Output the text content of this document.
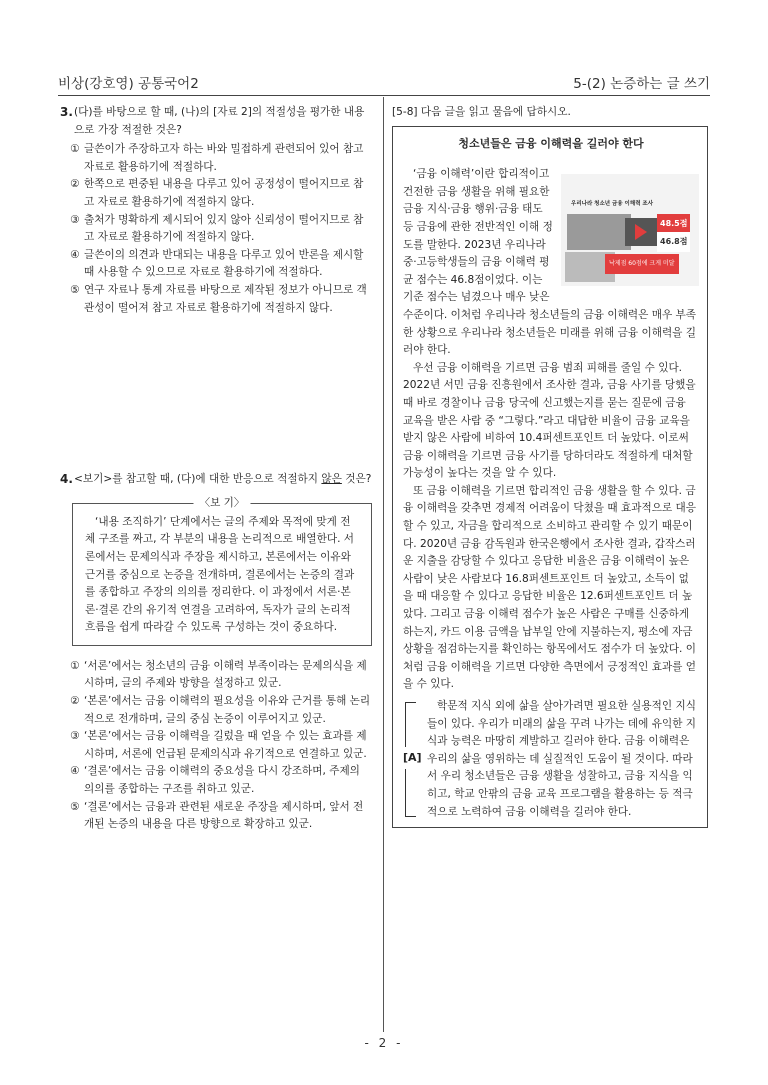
비상(강호영) 공통국어2	5-(2) 논증하는 글 쓰기
3. (다)를 바탕으로 할 때, (나)의 [자료 2]의 적절성을 평가한 내용으로 가장 적절한 것은?
① 글쓴이가 주장하고자 하는 바와 밀접하게 관련되어 있어 참고 자료로 활용하기에 적절하다.
② 한쪽으로 편중된 내용을 다루고 있어 공정성이 떨어지므로 참고 자료로 활용하기에 적절하지 않다.
③ 출처가 명확하게 제시되어 있지 않아 신뢰성이 떨어지므로 참고 자료로 활용하기에 적절하지 않다.
④ 글쓴이의 의견과 반대되는 내용을 다루고 있어 반론을 제시할 때 사용할 수 있으므로 자료로 활용하기에 적절하다.
⑤ 연구 자료나 통계 자료를 바탕으로 제작된 정보가 아니므로 객관성이 떨어져 참고 자료로 활용하기에 적절하지 않다.
4. <보기>를 참고할 때, (다)에 대한 반응으로 적절하지 않은 것은?
〈보 기〉

‘내용 조직하기’ 단계에서는 글의 주제와 목적에 맞게 전체 구조를 짜고, 각 부분의 내용을 논리적으로 배열한다. 서론에서는 문제의식과 주장을 제시하고, 본론에서는 이유와 근거를 중심으로 논증을 전개하며, 결론에서는 논증의 결과를 종합하고 주장의 의의를 정리한다. 이 과정에서 서론·본론·결론 간의 유기적 연결을 고려하여, 독자가 글의 논리적 흐름을 쉽게 따라갈 수 있도록 구성하는 것이 중요하다.

① ‘서론’에서는 청소년의 금융 이해력 부족이라는 문제의식을 제시하며, 글의 주제와 방향을 설정하고 있군.
② ‘본론’에서는 금융 이해력의 필요성을 이유와 근거를 통해 논리적으로 전개하며, 글의 중심 논증이 이루어지고 있군.
③ ‘본론’에서는 금융 이해력을 길렀을 때 얻을 수 있는 효과를 제시하며, 서론에 언급된 문제의식과 유기적으로 연결하고 있군.
④ ‘결론’에서는 금융 이해력의 중요성을 다시 강조하며, 주제의 의의를 종합하는 구조를 취하고 있군.
⑤ ‘결론’에서는 금융과 관련된 새로운 주장을 제시하며, 앞서 전개된 논증의 내용을 다른 방향으로 확장하고 있군.
[5-8] 다음 글을 읽고 물음에 답하시오.

청소년들은 금융 이해력을 길러야 한다

우리나라 청소년 금융 이해력 조사
48.5점
46.8점
낙제점 60점에 크게 미달

‘금융 이해력’이란 합리적이고 건전한 금융 생활을 위해 필요한 금융 지식·금융 행위·금융 태도 등 금융에 관한 전반적인 이해 정도를 말한다. 2023년 우리나라 중·고등학생들의 금융 이해력 평균 점수는 46.8점이었다. 이는 기준 점수는 넘겼으나 매우 낮은 수준이다. 이처럼 우리나라 청소년들의 금융 이해력은 매우 부족한 상황으로 우리나라 청소년들은 미래를 위해 금융 이해력을 길러야 한다.

우선 금융 이해력을 기르면 금융 범죄 피해를 줄일 수 있다. 2022년 서민 금융 진흥원에서 조사한 결과, 금융 사기를 당했을 때 바로 경찰이나 금융 당국에 신고했는지를 묻는 질문에 금융 교육을 받은 사람 중 “그렇다.”라고 대답한 비율이 금융 교육을 받지 않은 사람에 비하여 10.4퍼센트포인트 더 높았다. 이로써 금융 이해력을 기르면 금융 사기를 당하더라도 적절하게 대처할 가능성이 높다는 것을 알 수 있다.

또 금융 이해력을 기르면 합리적인 금융 생활을 할 수 있다. 금융 이해력을 갖추면 경제적 어려움이 닥쳤을 때 효과적으로 대응할 수 있고, 자금을 합리적으로 소비하고 관리할 수 있기 때문이다. 2020년 금융 감독원과 한국은행에서 조사한 결과, 갑작스러운 지출을 감당할 수 있다고 응답한 비율은 금융 이해력이 높은 사람이 낮은 사람보다 16.8퍼센트포인트 더 높았고, 소득이 없을 때 대응할 수 있다고 응답한 비율은 12.6퍼센트포인트 더 높았다. 그리고 금융 이해력 점수가 높은 사람은 구매를 신중하게 하는지, 카드 이용 금액을 납부일 안에 지불하는지, 평소에 자금 상황을 점검하는지를 확인하는 항목에서도 점수가 더 높았다. 이처럼 금융 이해력을 기르면 다양한 측면에서 긍정적인 효과를 얻을 수 있다.

[A]

학문적 지식 외에 삶을 살아가려면 필요한 실용적인 지식들이 있다. 우리가 미래의 삶을 꾸려 나가는 데에 유익한 지식과 능력은 마땅히 계발하고 길러야 한다. 금융 이해력은 우리의 삶을 영위하는 데 실질적인 도움이 될 것이다. 따라서 우리 청소년들은 금융 생활을 성찰하고, 금융 지식을 익히고, 학교 안팎의 금융 교육 프로그램을 활용하는 등 적극적으로 노력하여 금융 이해력을 길러야 한다.

- 2 -
